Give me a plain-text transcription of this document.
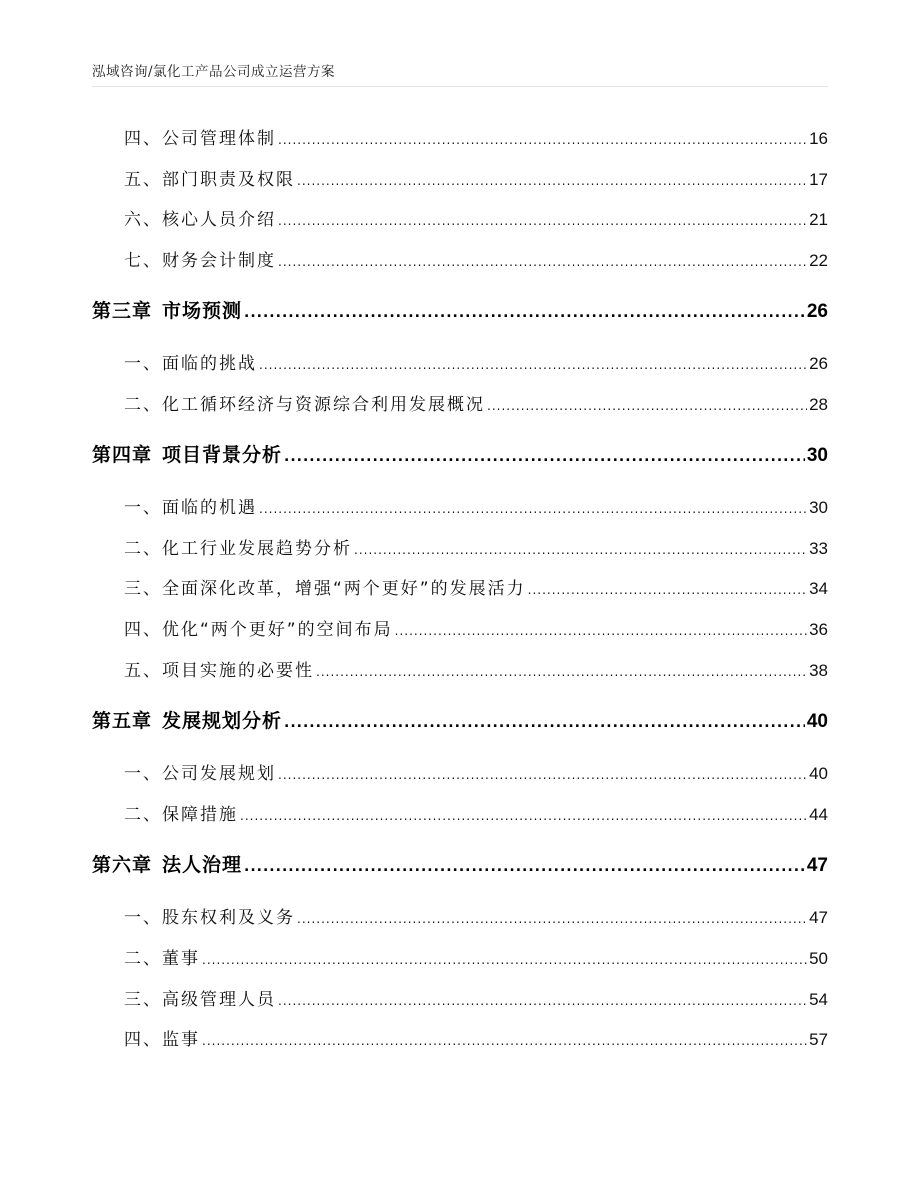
泓域咨询/氯化工产品公司成立运营方案
四、 公司管理体制 .....	16
五、 部门职责及权限 .....	17
六、 核心人员介绍 .....	21
七、 财务会计制度 .....	22
第三章 市场预测 .....	26
一、 面临的挑战 .....	26
二、 化工循环经济与资源综合利用发展概况 .....	28
第四章 项目背景分析 .....	30
一、 面临的机遇 .....	30
二、 化工行业发展趋势分析 .....	33
三、 全面深化改革，增强“两个更好”的发展活力 .....	34
四、 优化“两个更好”的空间布局 .....	36
五、 项目实施的必要性 .....	38
第五章 发展规划分析 .....	40
一、 公司发展规划 .....	40
二、 保障措施 .....	44
第六章 法人治理 .....	47
一、 股东权利及义务 .....	47
二、 董事 .....	50
三、 高级管理人员 .....	54
四、 监事 .....	57
